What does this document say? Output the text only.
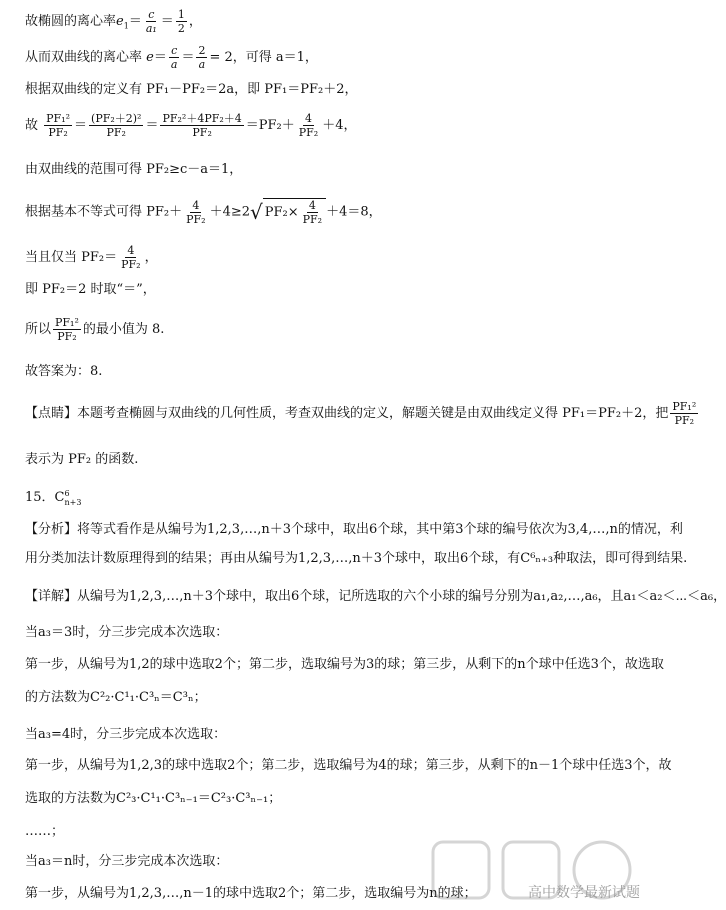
故椭圆的离心率$e_1= \frac{c}{\text{a₁}} = \frac{1}{2}$ ，
从而双曲线的离心率 $e= \frac{c}{a} = \frac{2}{a} = 2$，可得 a＝1，
根据双曲线的定义有 PF₁－PF₂＝2a，即 PF₁＝PF₂＋2，
故 $\frac{\text{PF₁²}}{\text{PF₂}} = \frac{\text{(PF₂＋2)²}}{\text{PF₂}} = \frac{\text{PF₂²＋4PF₂＋4}}{\text{PF₂}} =PF_2+ \frac{4}{\text{PF₂}} +4$，
由双曲线的范围可得 PF₂≥c－a＝1，
根据基本不等式可得 $PF_2+ \frac{4}{\text{PF₂}} +4\ge 2√$ $PF_2\times \frac{4}{\text{PF₂}} +4=8$，
当且仅当 $PF_2= \frac{4}{\text{PF₂}}$ ，
即 PF₂＝2 时取“＝”，
所以 $\frac{\text{PF₁²}}{\text{PF₂}}$ 的最小值为 8.
故答案为：8.
【点睛】本题考查椭圆与双曲线的几何性质，考查双曲线的定义，解题关键是由双曲线定义得 PF₁＝PF₂＋2，把 $\frac{\text{PF₁²}}{\text{PF₂}}$
表示为 PF₂ 的函数.
15．C 6
n+3
【分析】将等式看作是从编号为1,2,3,…,n＋3个球中，取出6个球，其中第3个球的编号依次为3,4,…,n的情况，利
用分类加法计数原理得到的结果；再由从编号为1,2,3,…,n＋3个球中，取出6个球，有C⁶ₙ₊₃种取法，即可得到结果.
【详解】从编号为1,2,3,…,n＋3个球中，取出6个球，记所选取的六个小球的编号分别为a₁,a₂,…,a₆，且a₁＜a₂＜⋯＜a₆，
当a₃＝3时，分三步完成本次选取：
第一步，从编号为1,2的球中选取2个；第二步，选取编号为3的球；第三步，从剩下的n个球中任选3个，故选取
的方法数为C²₂·C¹₁·C³ₙ＝C³ₙ；
当a₃=4时，分三步完成本次选取：
第一步，从编号为1,2,3的球中选取2个；第二步，选取编号为4的球；第三步，从剩下的n－1个球中任选3个，故
选取的方法数为C²₃·C¹₁·C³ₙ₋₁＝C²₃·C³ₙ₋₁；
……；
当a₃＝n时，分三步完成本次选取：
第一步，从编号为1,2,3,…,n－1的球中选取2个；第二步，选取编号为n的球；	高中数学最新试题
